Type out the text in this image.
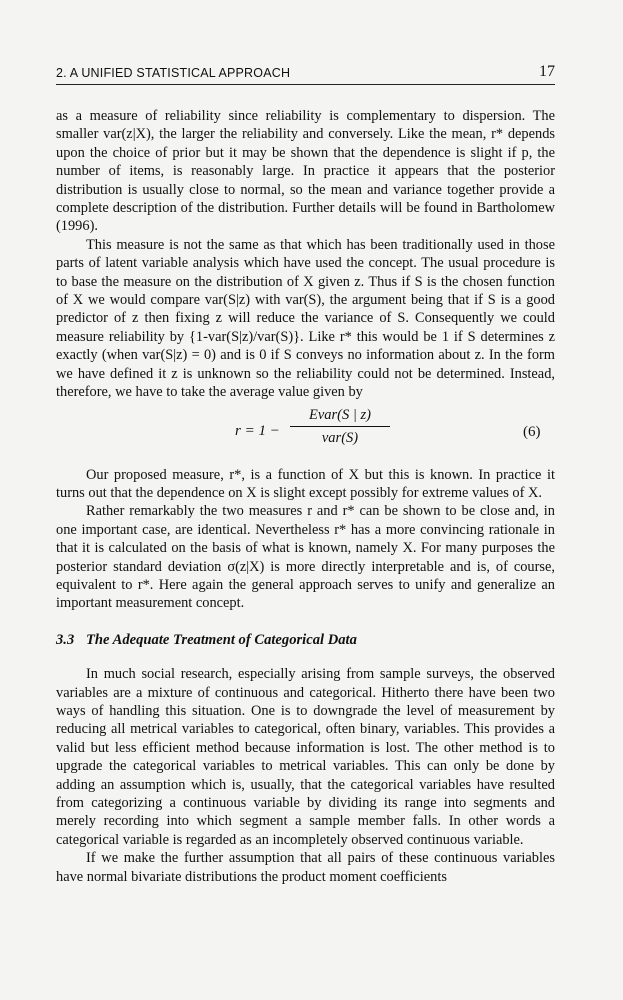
2. A UNIFIED STATISTICAL APPROACH	17

as a measure of reliability since reliability is complementary to dispersion. The smaller var(z|X), the larger the reliability and conversely. Like the mean, r* depends upon the choice of prior but it may be shown that the dependence is slight if p, the number of items, is reasonably large. In practice it appears that the posterior distribution is usually close to normal, so the mean and variance together provide a complete description of the distribution. Further details will be found in Bartholomew (1996).

This measure is not the same as that which has been traditionally used in those parts of latent variable analysis which have used the concept. The usual procedure is to base the measure on the distribution of X given z. Thus if S is the chosen function of X we would compare var(S|z) with var(S), the argument being that if S is a good predictor of z then fixing z will reduce the variance of S. Consequently we could measure reliability by {1-var(S|z)/var(S)}. Like r* this would be 1 if S determines z exactly (when var(S|z) = 0) and is 0 if S conveys no information about z. In the form we have defined it z is unknown so the reliability could not be determined. Instead, therefore, we have to take the average value given by

r = 1 −
Evar(S | z)
var(S)	(6)

Our proposed measure, r*, is a function of X but this is known. In practice it turns out that the dependence on X is slight except possibly for extreme values of X.

Rather remarkably the two measures r and r* can be shown to be close and, in one important case, are identical. Nevertheless r* has a more convincing rationale in that it is calculated on the basis of what is known, namely X. For many purposes the posterior standard deviation σ(z|X) is more directly interpretable and is, of course, equivalent to r*. Here again the general approach serves to unify and generalize an important measurement concept.

3.3 The Adequate Treatment of Categorical Data

In much social research, especially arising from sample surveys, the observed variables are a mixture of continuous and categorical. Hitherto there have been two ways of handling this situation. One is to downgrade the level of measurement by reducing all metrical variables to categorical, often binary, variables. This provides a valid but less efficient method because information is lost. The other method is to upgrade the categorical variables to metrical variables. This can only be done by adding an assumption which is, usually, that the categorical variables have resulted from categorizing a continuous variable by dividing its range into segments and merely recording into which segment a sample member falls. In other words a categorical variable is regarded as an incompletely observed continuous variable.

If we make the further assumption that all pairs of these continuous variables have normal bivariate distributions the product moment coefficients
